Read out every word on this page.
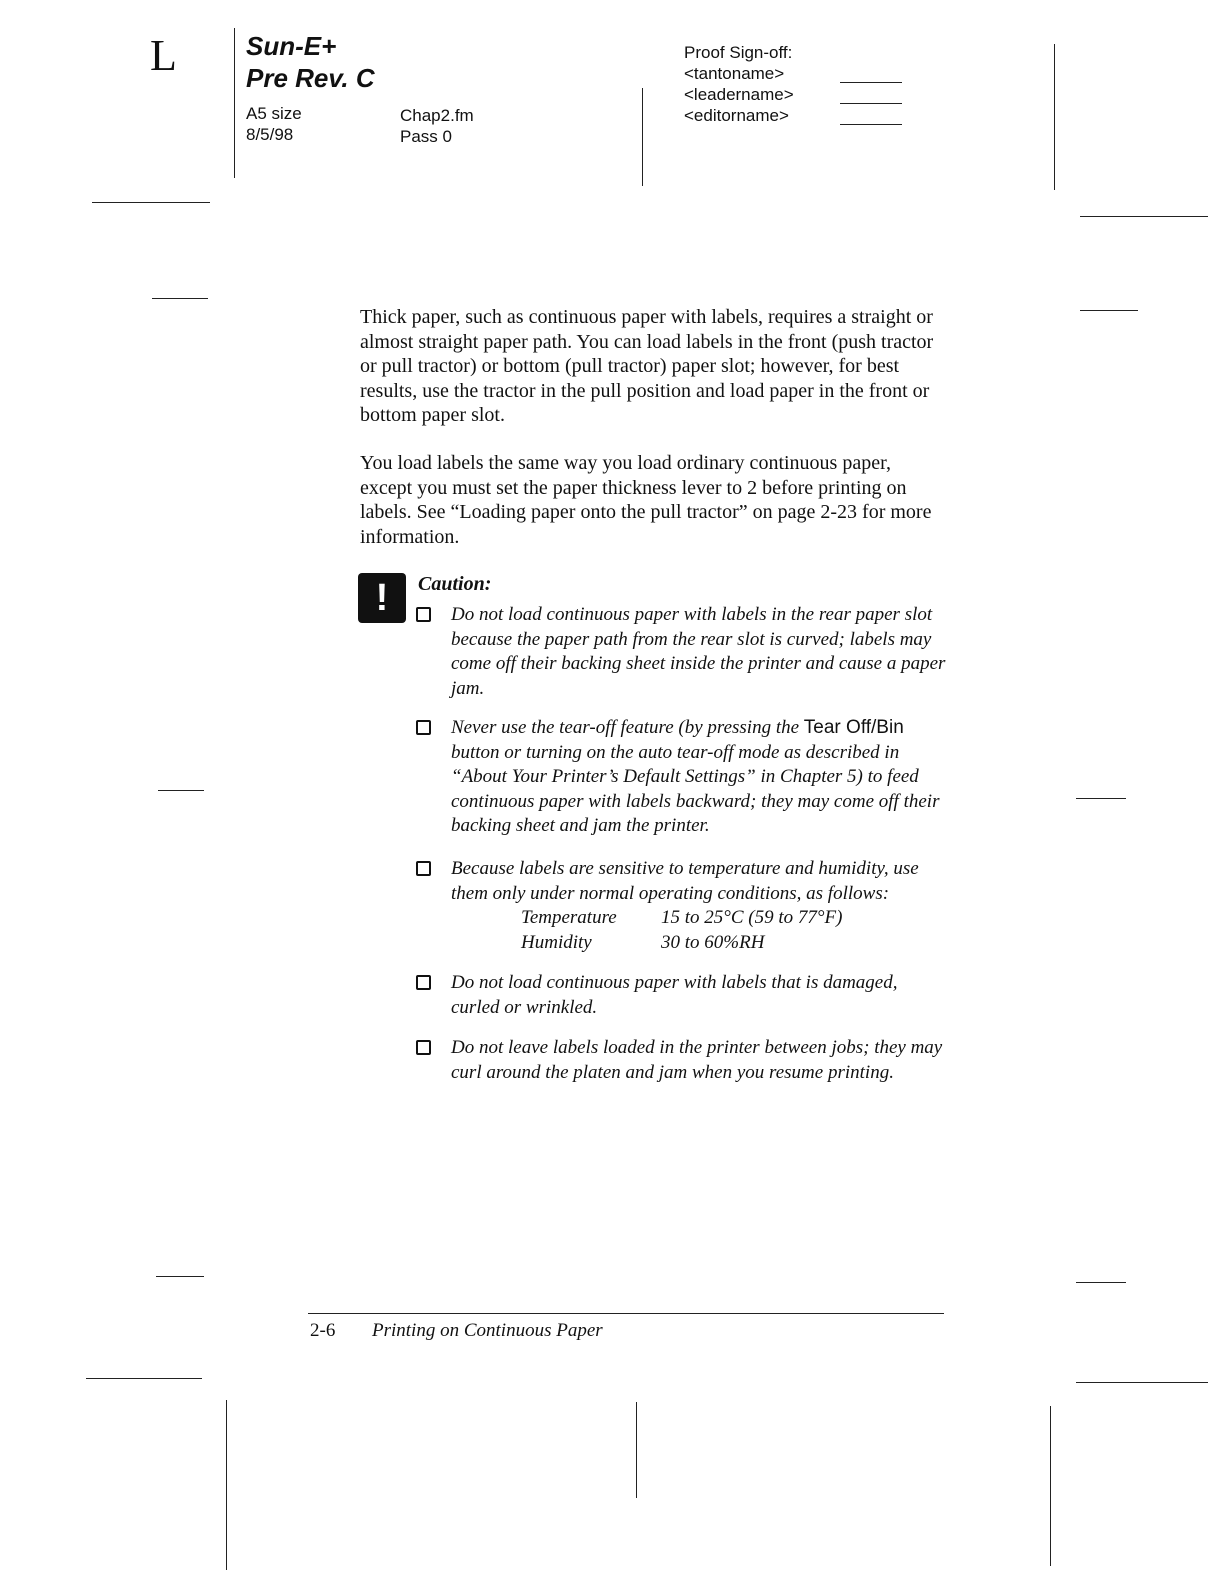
L	Sun-E+
Pre Rev. C
A5 size
8/5/98
Chap2.fm
Pass 0
Proof Sign-off:
<tantoname>
<leadername>
<editorname>
Thick paper, such as continuous paper with labels, requires a straight or almost straight paper path. You can load labels in the front (push tractor or pull tractor) or bottom (pull tractor) paper slot; however, for best results, use the tractor in the pull position and load paper in the front or bottom paper slot.
You load labels the same way you load ordinary continuous paper, except you must set the paper thickness lever to 2 before printing on labels. See “Loading paper onto the pull tractor” on page 2-23 for more information.
!	Caution:
Do not load continuous paper with labels in the rear paper slot because the paper path from the rear slot is curved; labels may come off their backing sheet inside the printer and cause a paper jam.
Never use the tear-off feature (by pressing the Tear Off/Bin button or turning on the auto tear-off mode as described in “About Your Printer’s Default Settings” in Chapter 5) to feed continuous paper with labels backward; they may come off their backing sheet and jam the printer.
Because labels are sensitive to temperature and humidity, use them only under normal operating conditions, as follows:
Temperature	15 to 25°C (59 to 77°F)
Humidity	30 to 60%RH
Do not load continuous paper with labels that is damaged, curled or wrinkled.
Do not leave labels loaded in the printer between jobs; they may curl around the platen and jam when you resume printing.
2-6 Printing on Continuous Paper
